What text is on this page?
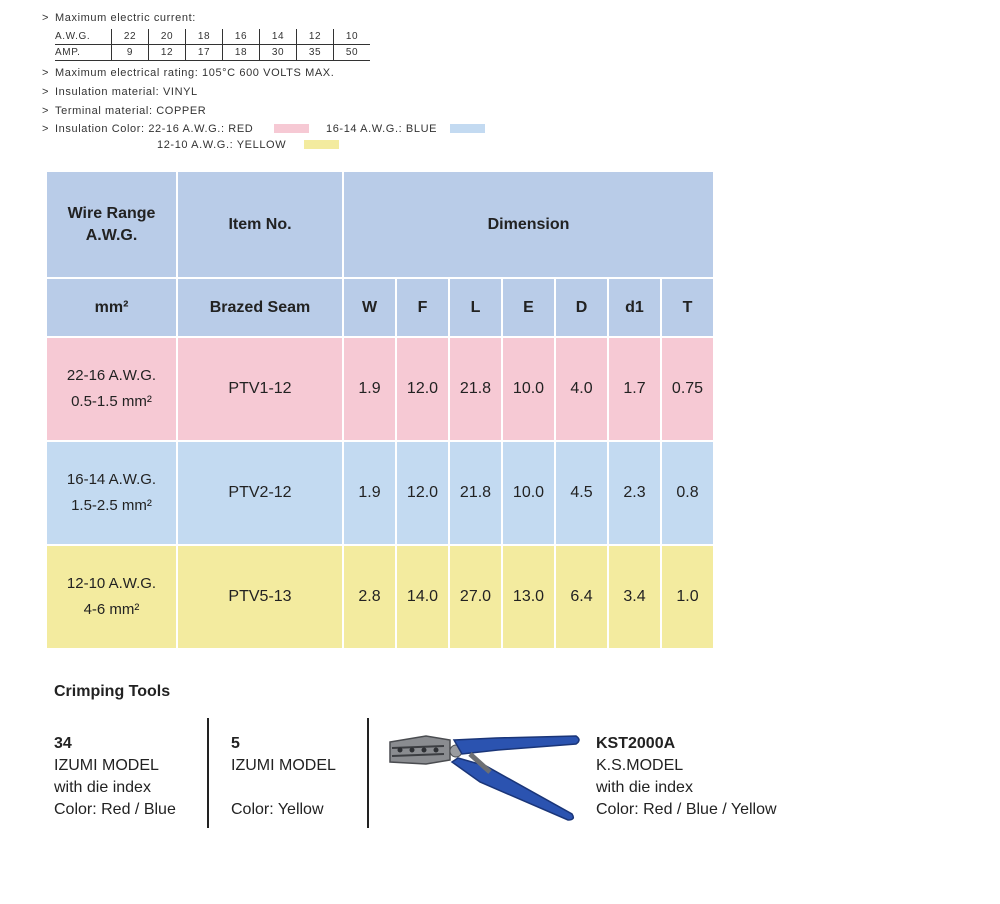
> Maximum electric current:
A.W.G.	22	20	18	16	14	12	10
AMP.	9	12	17	18	30	35	50
> Maximum electrical rating: 105°C 600 VOLTS MAX.
> Insulation material: VINYL
> Terminal material: COPPER
> Insulation Color: 22-16 A.W.G.: RED	16-14 A.W.G.: BLUE
12-10 A.W.G.: YELLOW
Wire Range A.W.G.	Item No.	Dimension						
mm²	Brazed Seam	W	F	L	E	D	d1	T

22-16 A.W.G.
0.5-1.5 mm²	PTV1-12	1.9	12.0	21.8	10.0	4.0	1.7	0.75

16-14 A.W.G.
1.5-2.5 mm²	PTV2-12	1.9	12.0	21.8	10.0	4.5	2.3	0.8

12-10 A.W.G.
4-6 mm²	PTV5-13	2.8	14.0	27.0	13.0	6.4	3.4	1.0
Crimping Tools
34
IZUMI MODEL
with die index
Color: Red / Blue
5
IZUMI MODEL
Color: Yellow
KST2000A
K.S.MODEL
with die index
Color: Red / Blue / Yellow
